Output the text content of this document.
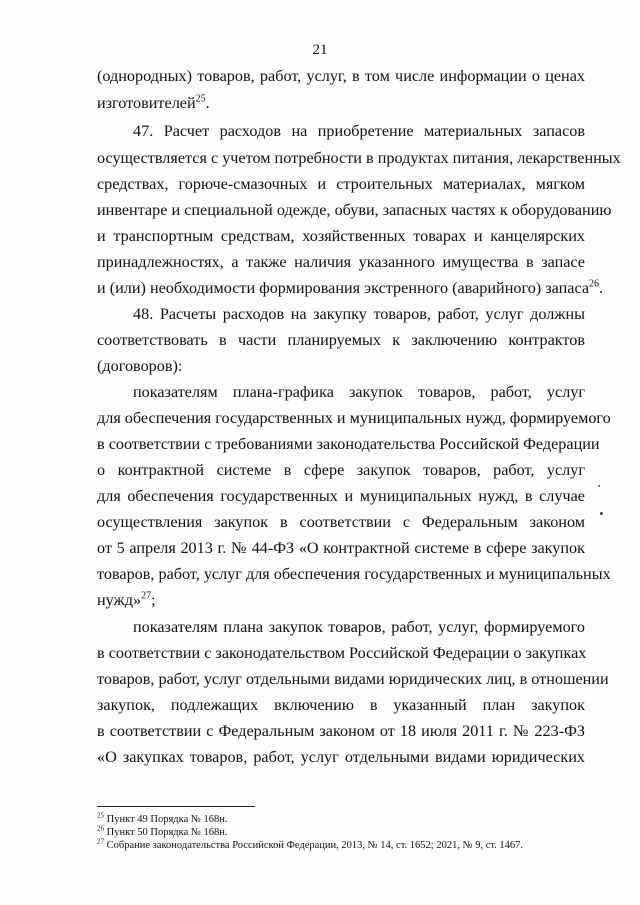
21
(однородных) товаров, работ, услуг, в том числе информации о ценах
изготовителей$^{25}$.
47. Расчет расходов на приобретение материальных запасов
осуществляется с учетом потребности в продуктах питания, лекарственных
средствах, горюче-смазочных и строительных материалах, мягком
инвентаре и специальной одежде, обуви, запасных частях к оборудованию
и транспортным средствам, хозяйственных товарах и канцелярских
принадлежностях, а также наличия указанного имущества в запасе
и (или) необходимости формирования экстренного (аварийного) запаса$^{26}$.
48. Расчеты расходов на закупку товаров, работ, услуг должны
соответствовать в части планируемых к заключению контрактов
(договоров):
показателям плана-графика закупок товаров, работ, услуг
для обеспечения государственных и муниципальных нужд, формируемого
в соответствии с требованиями законодательства Российской Федерации
о контрактной системе в сфере закупок товаров, работ, услуг
для обеспечения государственных и муниципальных нужд, в случае
осуществления закупок в соответствии с Федеральным законом
от 5 апреля 2013 г. № 44-ФЗ «О контрактной системе в сфере закупок
товаров, работ, услуг для обеспечения государственных и муниципальных
нужд»$^{27}$;
показателям плана закупок товаров, работ, услуг, формируемого
в соответствии с законодательством Российской Федерации о закупках
товаров, работ, услуг отдельными видами юридических лиц, в отношении
закупок, подлежащих включению в указанный план закупок
в соответствии с Федеральным законом от 18 июля 2011 г. № 223-ФЗ
«О закупках товаров, работ, услуг отдельными видами юридических
$^{25}$ Пункт 49 Порядка № 168н.
$^{26}$ Пункт 50 Порядка № 168н.
$^{27}$ Собрание законодательства Российской Федерации, 2013, № 14, ст. 1652; 2021, № 9, ст. 1467.
